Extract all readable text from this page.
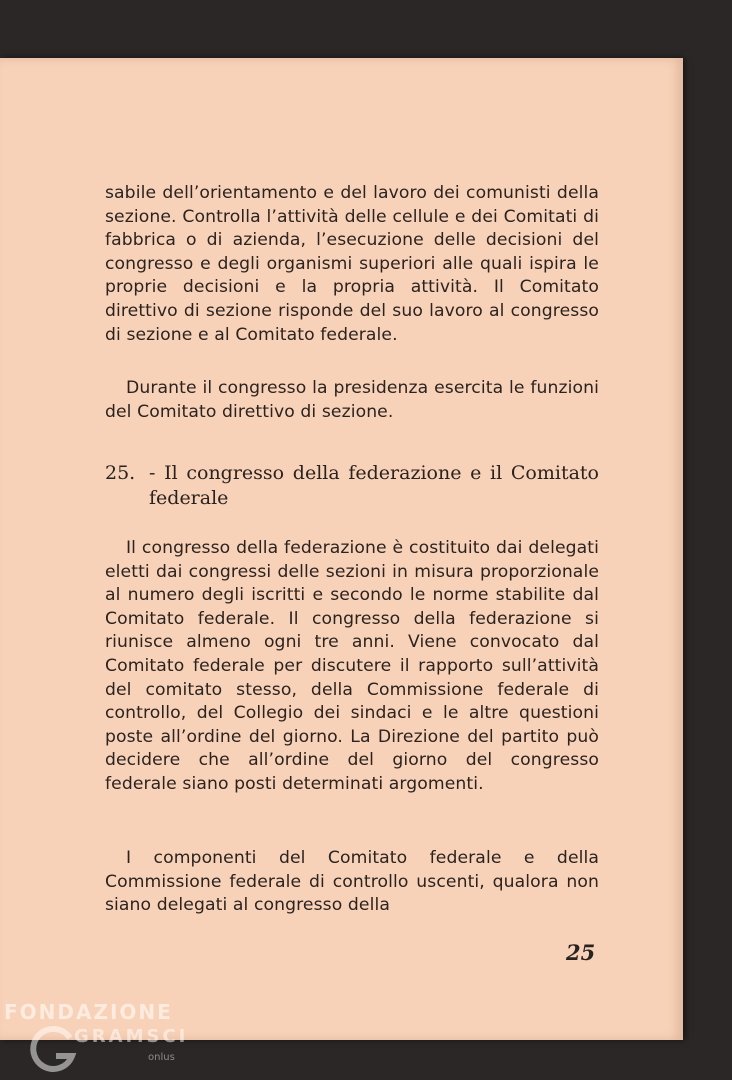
sabile dell’orientamento e del lavoro dei comunisti della sezione. Controlla l’attività delle cellule e dei Comitati di fabbrica o di azienda, l’esecuzione delle decisioni del congresso e degli organismi superiori alle quali ispira le proprie decisioni e la propria attività. Il Comitato direttivo di sezione risponde del suo lavoro al congresso di sezione e al Comitato federale.

Durante il congresso la presidenza esercita le funzioni del Comitato direttivo di sezione.

25. - Il congresso della federazione e il Comitato federale

Il congresso della federazione è costituito dai delegati eletti dai congressi delle sezioni in misura proporzionale al numero degli iscritti e secondo le norme stabilite dal Comitato federale. Il congresso della federazione si riunisce almeno ogni tre anni. Viene convocato dal Comitato federale per discutere il rapporto sull’attività del comitato stesso, della Commissione federale di controllo, del Collegio dei sindaci e le altre questioni poste all’ordine del giorno. La Direzione del partito può decidere che all’ordine del giorno del congresso federale siano posti determinati argomenti.

I componenti del Comitato federale e della Commissione federale di controllo uscenti, qualora non siano delegati al congresso della

25
FONDAZIONE
GRAMSCI
onlus
